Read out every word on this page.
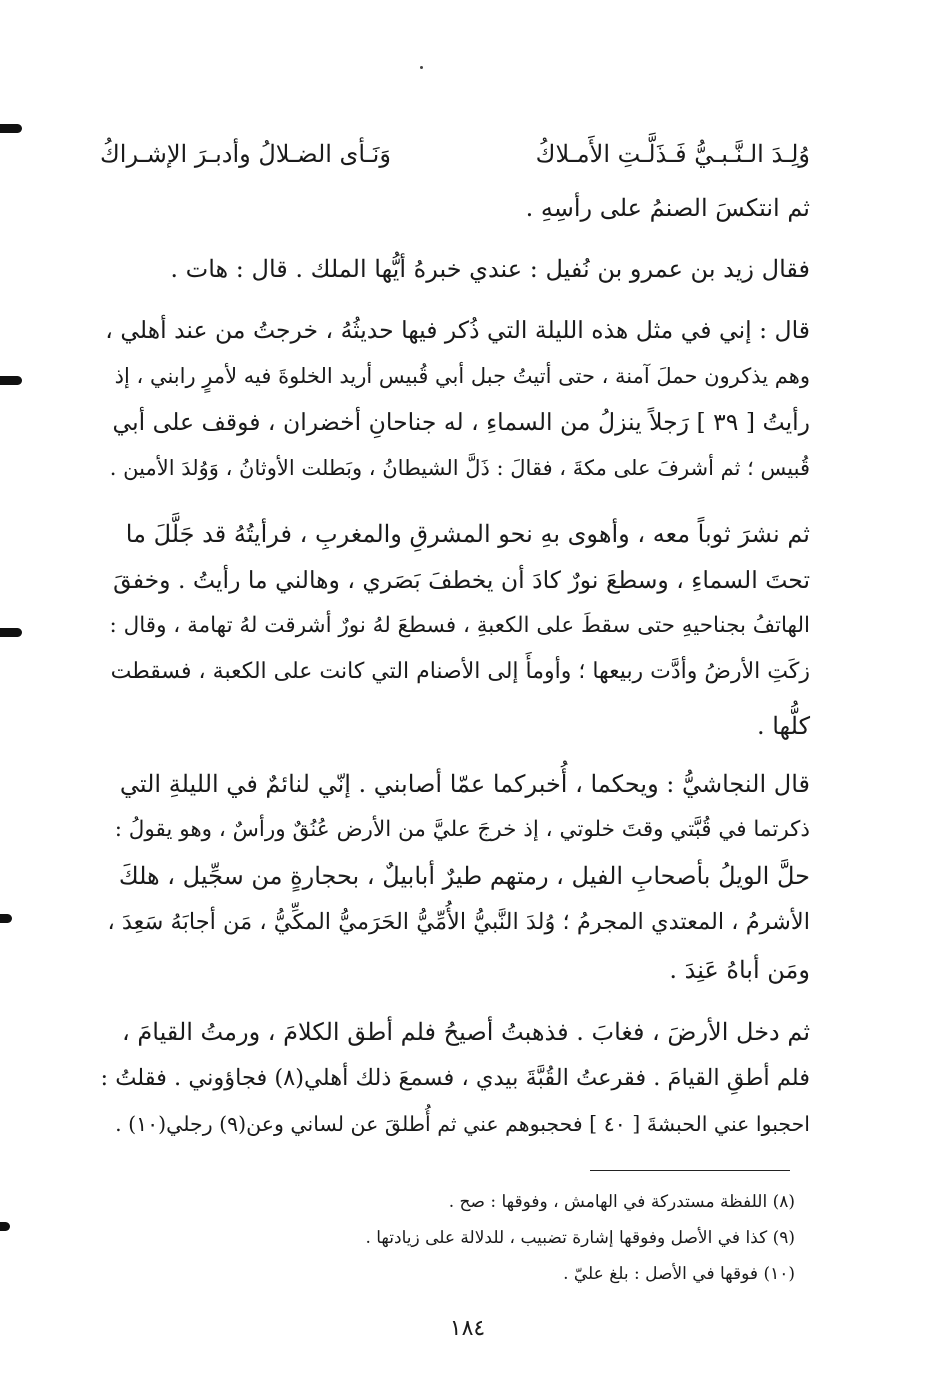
وُلِـدَ الـنَّـبـيُّ فَـذَلَّـتِ الأَمـلاكُ
وَنَـأى الضـلالُ وأدبـرَ الإشـراكُ
ثم انتكسَ الصنمُ على رأسِهِ .
فقال زيد بن عمرو بن نُفيل : عندي خبرهُ أيُّها الملك . قال : هات .
قال : إني في مثل هذه الليلة التي ذُكر فيها حديثُهُ ، خرجتُ من عند أهلي ،
وهم يذكرون حملَ آمنة ، حتى أتيتُ جبل أبي قُبيس أريد الخلوةَ فيه لأمرٍ رابني ، إذ
رأيتُ [ ٣٩ ] رَجلاً ينزلُ من السماءِ ، له جناحانِ أخضران ، فوقف على أبي
قُبيس ؛ ثم أشرفَ على مكةَ ، فقالَ : ذَلَّ الشيطانُ ، وبَطلت الأوثانُ ، وَوُلدَ الأمين .
ثم نشرَ ثوباً معه ، وأهوى بهِ نحو المشرقِ والمغربِ ، فرأيتُهُ قد جَلَّلَ ما
تحتَ السماءِ ، وسطعَ نورٌ كادَ أن يخطفَ بَصَري ، وهالني ما رأيتُ . وخفقَ
الهاتفُ بجناحيهِ حتى سقطَ على الكعبةِ ، فسطعَ لهُ نورٌ أشرقت لهُ تهامة ، وقال :
زكَتِ الأرضُ وأدَّت ربيعها ؛ وأومأَ إلى الأصنام التي كانت على الكعبة ، فسقطت
كلُّها .
قال النجاشيُّ : ويحكما ، أُخبركما عمّا أصابني . إنّي لنائمٌ في الليلةِ التي
ذكرتما في قُبَّتي وقتَ خلوتي ، إذ خرجَ عليَّ من الأرض عُنُقٌ ورأسٌ ، وهو يقولُ :
حلَّ الويلُ بأصحابِ الفيل ، رمتهم طيرٌ أبابيلٌ ، بحجارةٍ من سجِّيل ، هلكَ
الأشرمُ ، المعتدي المجرمُ ؛ وُلدَ النَّبيُّ الأُمِّيُّ الحَرَميُّ المكِّيُّ ، مَن أجابَهُ سَعِدَ ،
ومَن أباهُ عَنِدَ .
ثم دخل الأرضَ ، فغابَ . فذهبتُ أصيحُ فلم أطق الكلامَ ، ورمتُ القيامَ ،
فلم أطقِ القيامَ . فقرعتُ القُبَّةَ بيدي ، فسمعَ ذلك أهلي(٨) فجاؤوني . فقلتُ :
احجبوا عني الحبشةَ [ ٤٠ ] فحجبوهم عني ثم أُطلقَ عن لساني وعن(٩) رجلي(١٠) .
(٨) اللفظة مستدركة في الهامش ، وفوقها : صح .
(٩) كذا في الأصل وفوقها إشارة تضبيب ، للدلالة على زيادتها .
(١٠) فوقها في الأصل : بلغ عليّ .
١٨٤
